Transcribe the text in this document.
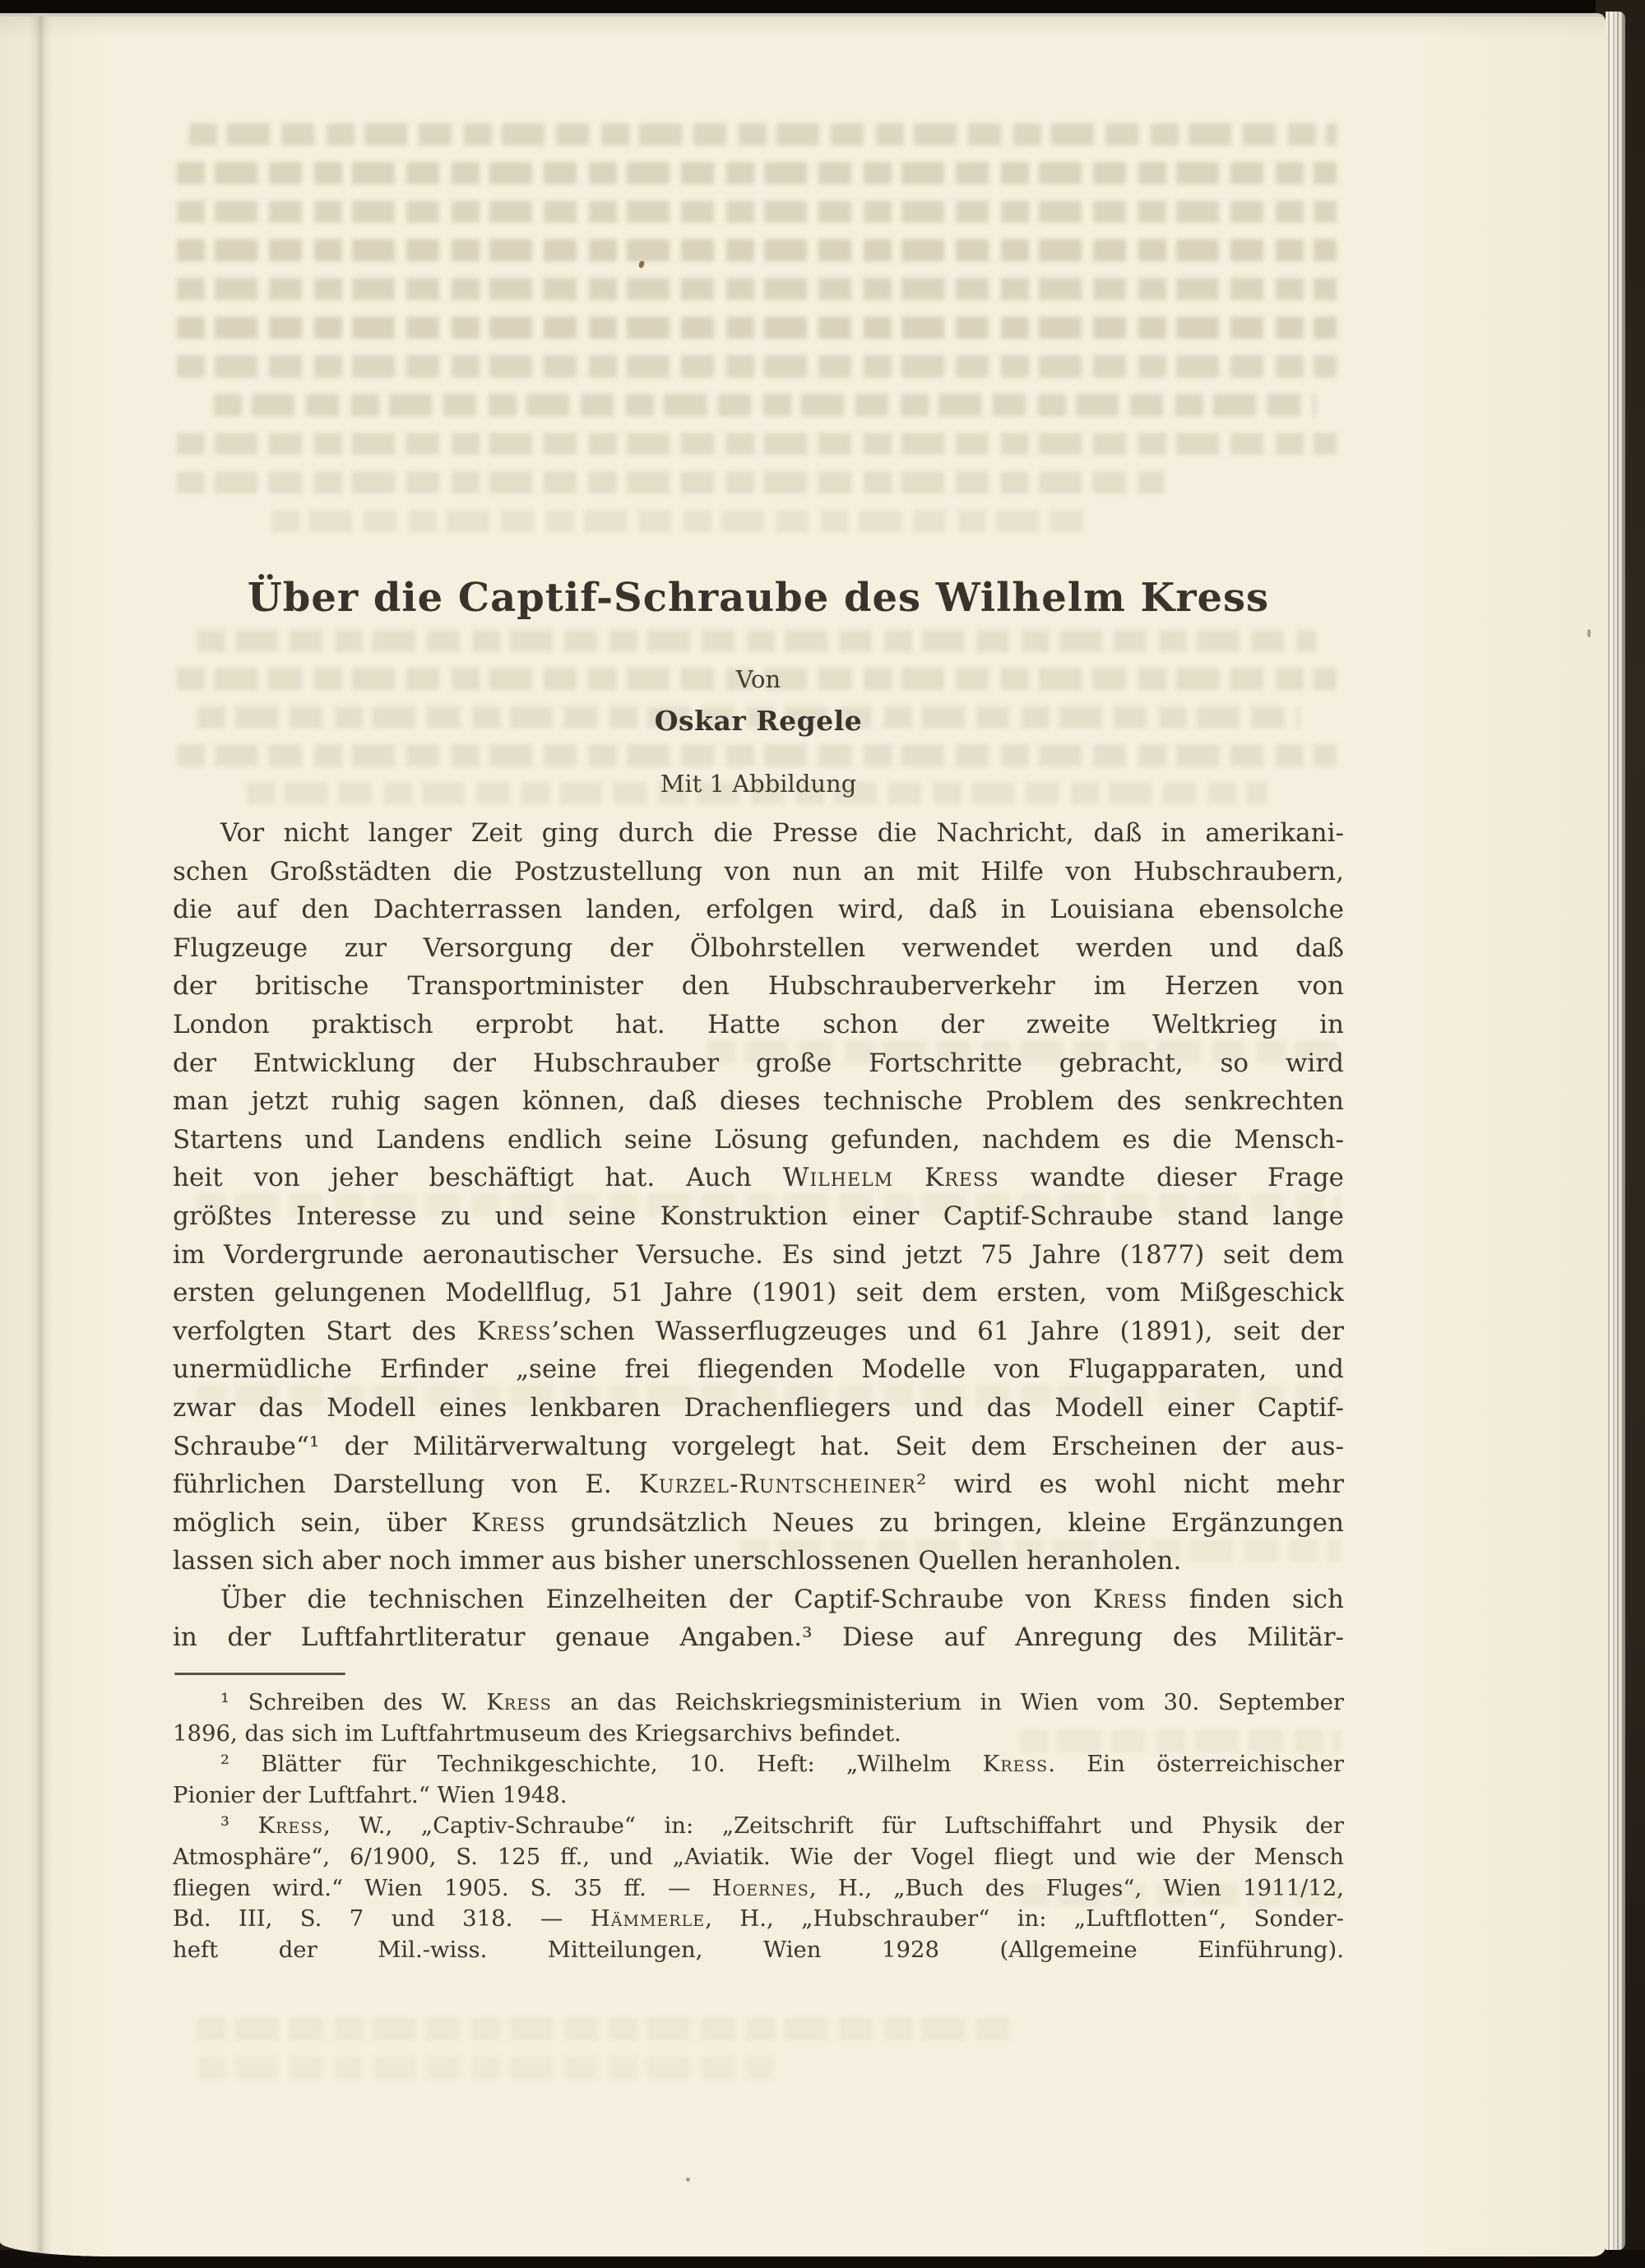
Über die Captif-Schraube des Wilhelm Kress
Von
Oskar Regele
Mit 1 Abbildung
Vor nicht langer Zeit ging durch die Presse die Nachricht, daß in amerikani-
schen Großstädten die Postzustellung von nun an mit Hilfe von Hubschraubern,
die auf den Dachterrassen landen, erfolgen wird, daß in Louisiana ebensolche
Flugzeuge zur Versorgung der Ölbohrstellen verwendet werden und daß
der britische Transportminister den Hubschrauberverkehr im Herzen von
London praktisch erprobt hat. Hatte schon der zweite Weltkrieg in
der Entwicklung der Hubschrauber große Fortschritte gebracht, so wird
man jetzt ruhig sagen können, daß dieses technische Problem des senkrechten
Startens und Landens endlich seine Lösung gefunden, nachdem es die Mensch-
heit von jeher beschäftigt hat. Auch Wilhelm Kress wandte dieser Frage
größtes Interesse zu und seine Konstruktion einer Captif-Schraube stand lange
im Vordergrunde aeronautischer Versuche. Es sind jetzt 75 Jahre (1877) seit dem
ersten gelungenen Modellflug, 51 Jahre (1901) seit dem ersten, vom Mißgeschick
verfolgten Start des Kress’schen Wasserflugzeuges und 61 Jahre (1891), seit der
unermüdliche Erfinder „seine frei fliegenden Modelle von Flugapparaten, und
zwar das Modell eines lenkbaren Drachenfliegers und das Modell einer Captif-
Schraube“¹ der Militärverwaltung vorgelegt hat. Seit dem Erscheinen der aus-
führlichen Darstellung von E. Kurzel-Runtscheiner² wird es wohl nicht mehr
möglich sein, über Kress grundsätzlich Neues zu bringen, kleine Ergänzungen
lassen sich aber noch immer aus bisher unerschlossenen Quellen heranholen.
Über die technischen Einzelheiten der Captif-Schraube von Kress finden sich
in der Luftfahrtliteratur genaue Angaben.³ Diese auf Anregung des Militär-
¹ Schreiben des W. Kress an das Reichskriegsministerium in Wien vom 30. September
1896, das sich im Luftfahrtmuseum des Kriegsarchivs befindet.
² Blätter für Technikgeschichte, 10. Heft: „Wilhelm Kress. Ein österreichischer
Pionier der Luftfahrt.“ Wien 1948.
³ Kress, W., „Captiv-Schraube“ in: „Zeitschrift für Luftschiffahrt und Physik der
Atmosphäre“, 6/1900, S. 125 ff., und „Aviatik. Wie der Vogel fliegt und wie der Mensch
fliegen wird.“ Wien 1905. S. 35 ff. — Hoernes, H., „Buch des Fluges“, Wien 1911/12,
Bd. III, S. 7 und 318. — Hämmerle, H., „Hubschrauber“ in: „Luftflotten“, Sonder-
heft der Mil.-wiss. Mitteilungen, Wien 1928 (Allgemeine Einführung).
